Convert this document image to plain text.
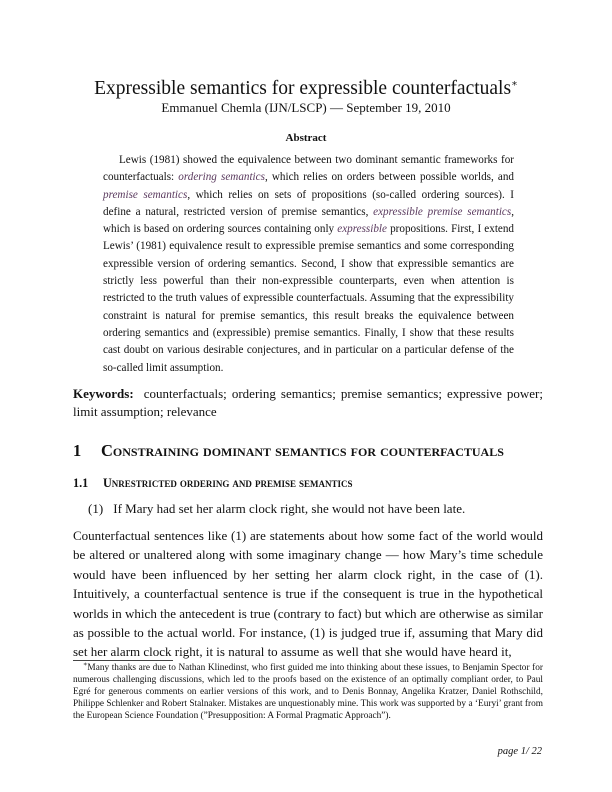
Expressible semantics for expressible counterfactuals∗
Emmanuel Chemla (IJN/LSCP) — September 19, 2010
Abstract

Lewis (1981) showed the equivalence between two dominant semantic frameworks for counterfactuals: ordering semantics, which relies on orders between possible worlds, and premise semantics, which relies on sets of propositions (so-called ordering sources). I define a natural, restricted version of premise semantics, expressible premise semantics, which is based on ordering sources containing only expressible propositions. First, I extend Lewis’ (1981) equivalence result to expressible premise semantics and some corresponding expressible version of ordering semantics. Second, I show that expressible semantics are strictly less powerful than their non-expressible counterparts, even when attention is restricted to the truth values of expressible counterfactuals. Assuming that the expressibility constraint is natural for premise semantics, this result breaks the equivalence between ordering semantics and (expressible) premise semantics. Finally, I show that these results cast doubt on various desirable conjectures, and in particular on a particular defense of the so-called limit assumption.

Keywords: counterfactuals; ordering semantics; premise semantics; expressive power; limit assumption; relevance
1 Constraining dominant semantics for counterfactuals
1.1 Unrestricted ordering and premise semantics
(1) If Mary had set her alarm clock right, she would not have been late.

Counterfactual sentences like (1) are statements about how some fact of the world would be altered or unaltered along with some imaginary change — how Mary’s time schedule would have been influenced by her setting her alarm clock right, in the case of (1). Intuitively, a counterfactual sentence is true if the consequent is true in the hypothetical worlds in which the antecedent is true (contrary to fact) but which are otherwise as similar as possible to the actual world. For instance, (1) is judged true if, assuming that Mary did set her alarm clock right, it is natural to assume as well that she would have heard it,

∗Many thanks are due to Nathan Klinedinst, who first guided me into thinking about these issues, to Benjamin Spector for numerous challenging discussions, which led to the proofs based on the existence of an optimally compliant order, to Paul Egré for generous comments on earlier versions of this work, and to Denis Bonnay, Angelika Kratzer, Daniel Rothschild, Philippe Schlenker and Robert Stalnaker. Mistakes are unquestionably mine. This work was supported by a ‘Euryi’ grant from the European Science Foundation (”Presupposition: A Formal Pragmatic Approach”).

page 1/ 22
